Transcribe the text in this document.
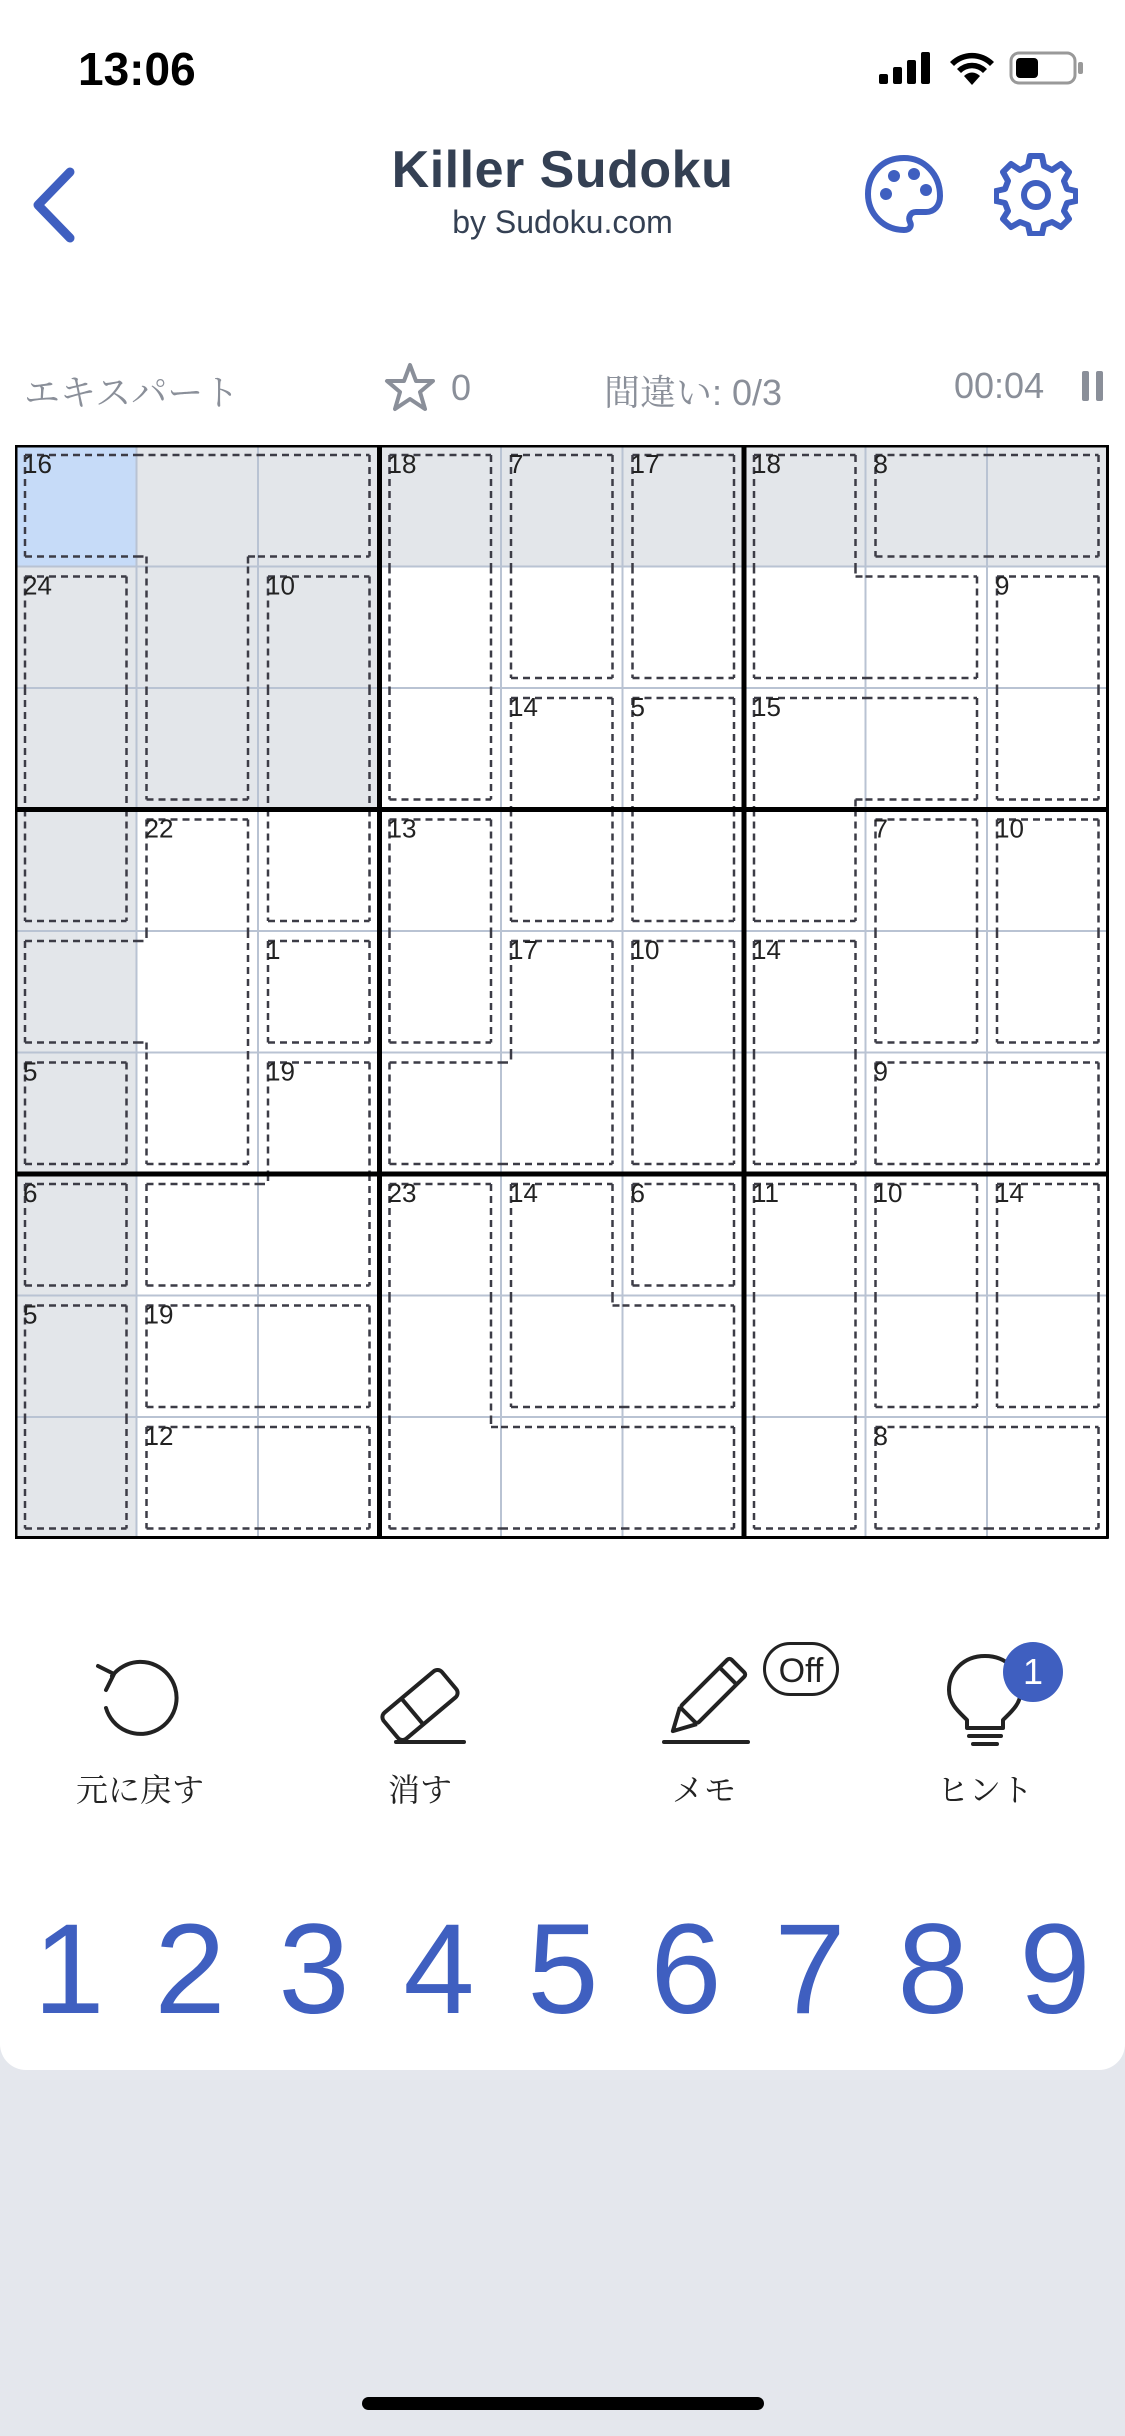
13:06
Killer Sudoku
by Sudoku.com
エキスパート	0	間違い: 0/3	00:04
16	18	7	17	18	8
24	10	9
14	5	15
22	13	7	10
1	17	10	14
5	19	9
6	6	10	14
5	19
14
12
23
8
11
元に戻す	消す	メモ	ヒント
Off	1
1 2 3 4 5 6 7 8 9
